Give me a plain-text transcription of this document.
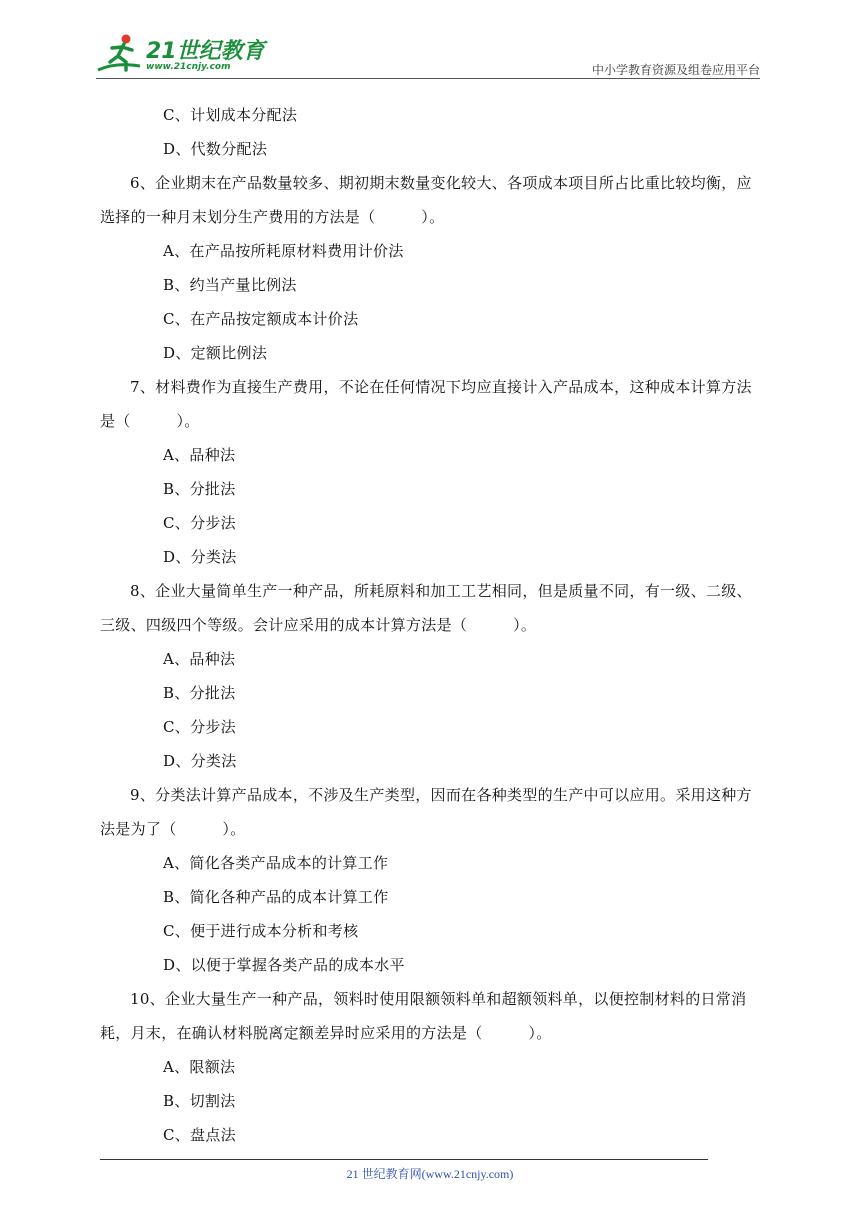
21世纪教育
www.21cnjy.com	中小学教育资源及组卷应用平台

C、计划成本分配法

D、代数分配法

6、企业期末在产品数量较多、期初期末数量变化较大、各项成本项目所占比重比较均衡，应选择的一种月末划分生产费用的方法是（　　　）。

A、在产品按所耗原材料费用计价法

B、约当产量比例法

C、在产品按定额成本计价法

D、定额比例法

7、材料费作为直接生产费用，不论在任何情况下均应直接计入产品成本，这种成本计算方法是（　　　）。

A、品种法

B、分批法

C、分步法

D、分类法

8、企业大量简单生产一种产品，所耗原料和加工工艺相同，但是质量不同，有一级、二级、三级、四级四个等级。会计应采用的成本计算方法是（　　　）。

A、品种法

B、分批法

C、分步法

D、分类法

9、分类法计算产品成本，不涉及生产类型，因而在各种类型的生产中可以应用。采用这种方法是为了（　　　）。

A、简化各类产品成本的计算工作

B、简化各种产品的成本计算工作

C、便于进行成本分析和考核

D、以便于掌握各类产品的成本水平

10、企业大量生产一种产品，领料时使用限额领料单和超额领料单，以便控制材料的日常消耗，月末，在确认材料脱离定额差异时应采用的方法是（　　　）。

A、限额法

B、切割法

C、盘点法

21 世纪教育网(www.21cnjy.com)
